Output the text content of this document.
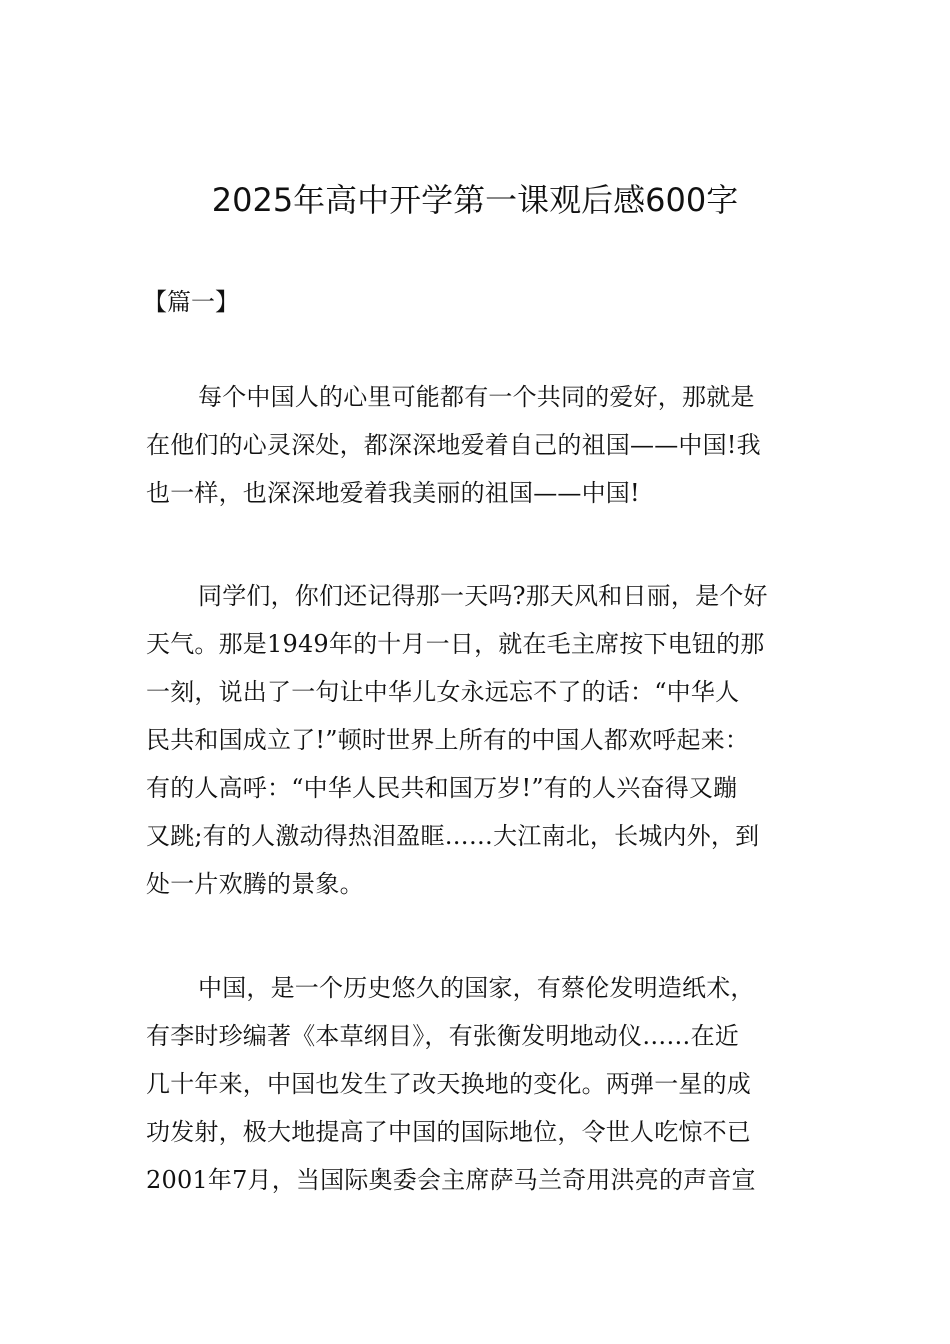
2025年高中开学第一课观后感600字
【篇一】
每个中国人的心里可能都有一个共同的爱好，那就是
在他们的心灵深处，都深深地爱着自己的祖国——中国!我
也一样，也深深地爱着我美丽的祖国——中国!
同学们，你们还记得那一天吗?那天风和日丽，是个好
天气。那是1949年的十月一日，就在毛主席按下电钮的那
一刻，说出了一句让中华儿女永远忘不了的话：“中华人
民共和国成立了!”顿时世界上所有的中国人都欢呼起来：
有的人高呼：“中华人民共和国万岁!”有的人兴奋得又蹦
又跳;有的人激动得热泪盈眶……大江南北，长城内外，到
处一片欢腾的景象。
中国，是一个历史悠久的国家，有蔡伦发明造纸术，
有李时珍编著《本草纲目》，有张衡发明地动仪……在近
几十年来，中国也发生了改天换地的变化。两弹一星的成
功发射，极大地提高了中国的国际地位，令世人吃惊不已
2001年7月，当国际奥委会主席萨马兰奇用洪亮的声音宣
